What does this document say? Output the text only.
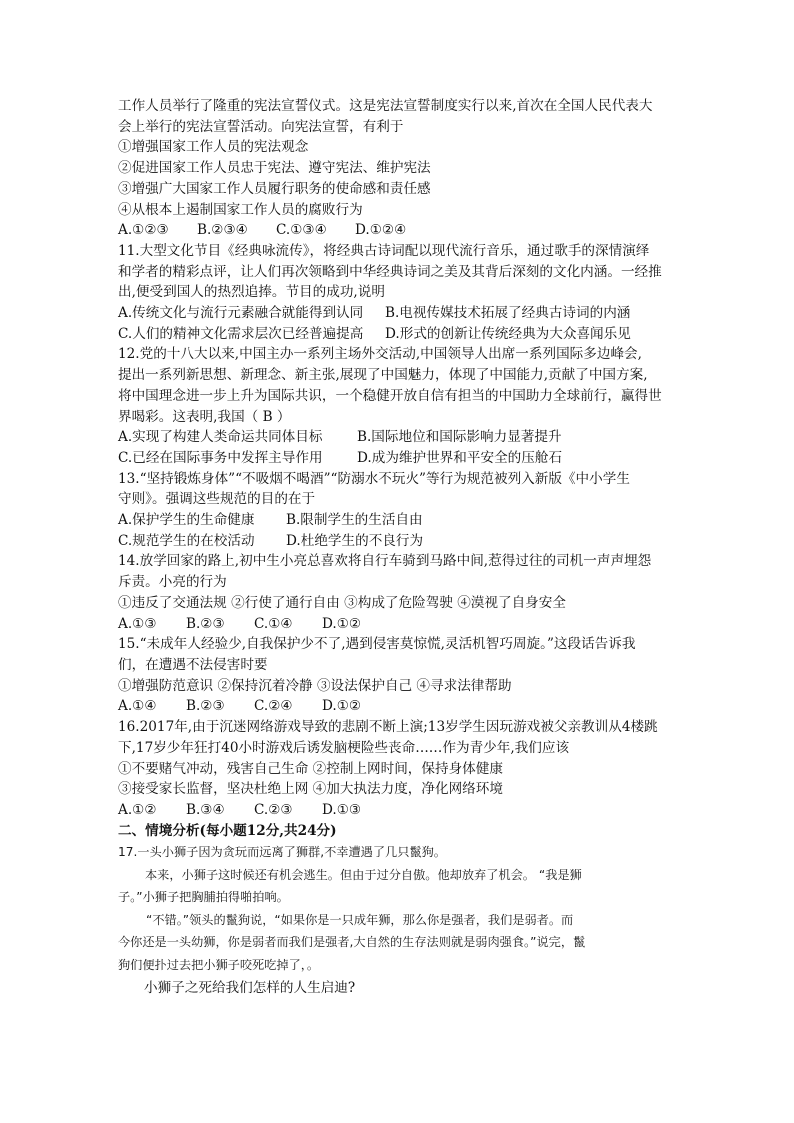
工作人员举行了隆重的宪法宣誓仪式。这是宪法宣誓制度实行以来,首次在全国人民代表大

会上举行的宪法宣誓活动。向宪法宣誓，有利于

①增强国家工作人员的宪法观念

②促进国家工作人员忠于宪法、遵守宪法、维护宪法

③增强广大国家工作人员履行职务的使命感和责任感

④从根本上遏制国家工作人员的腐败行为

A.①②③	B.②③④	C.①③④	D.①②④

11.大型文化节目《经典咏流传》，将经典古诗词配以现代流行音乐，通过歌手的深情演绎

和学者的精彩点评，让人们再次领略到中华经典诗词之美及其背后深刻的文化内涵。一经推

出,便受到国人的热烈追捧。节目的成功,说明

A.传统文化与流行元素融合就能得到认同	B.电视传媒技术拓展了经典古诗词的内涵
C.人们的精神文化需求层次已经普遍提高	D.形式的创新让传统经典为大众喜闻乐见

12.党的十八大以来,中国主办一系列主场外交活动,中国领导人出席一系列国际多边峰会,

提出一系列新思想、新理念、新主张,展现了中国魅力，体现了中国能力,贡献了中国方案,

将中国理念进一步上升为国际共识，一个稳健开放自信有担当的中国助力全球前行，赢得世

界喝彩。这表明,我国（ B ）

A.实现了构建人类命运共同体目标	B.国际地位和国际影响力显著提升
C.已经在国际事务中发挥主导作用	D.成为维护世界和平安全的压舱石

13.“坚持锻炼身体”“不吸烟不喝酒”“防溺水不玩火”等行为规范被列入新版《中小学生

守则》。强调这些规范的目的在于

A.保护学生的生命健康	B.限制学生的生活自由
C.规范学生的在校活动	D.杜绝学生的不良行为

14.放学回家的路上,初中生小亮总喜欢将自行车骑到马路中间,惹得过往的司机一声声埋怨

斥责。小亮的行为

①违反了交通法规 ②行使了通行自由 ③构成了危险驾驶 ④漠视了自身安全

A.①③	B.②③	C.①④	D.①②

15.“未成年人经验少,自我保护少不了,遇到侵害莫惊慌,灵活机智巧周旋。”这段话告诉我

们，在遭遇不法侵害时要

①增强防范意识 ②保持沉着冷静 ③设法保护自己 ④寻求法律帮助

A.①④	B.②③	C.②④	D.①②

16.2017年,由于沉迷网络游戏导致的悲剧不断上演;13岁学生因玩游戏被父亲教训从4楼跳

下,17岁少年狂打40小时游戏后诱发脑梗险些丧命……作为青少年,我们应该

①不要赌气冲动，残害自己生命 ②控制上网时间，保持身体健康

③接受家长监督，坚决杜绝上网 ④加大执法力度，净化网络环境

A.①②	B.③④	C.②③	D.①③

二、情境分析(每小题12分,共24分)

17.一头小狮子因为贪玩而远离了狮群,不幸遭遇了几只鬣狗。

本来，小狮子这时候还有机会逃生。但由于过分自傲。他却放弃了机会。 “我是狮

子。”小狮子把胸脯拍得啪拍响。

“不错。”领头的鬣狗说，“如果你是一只成年狮，那么你是强者，我们是弱者。而

今你还是一头幼狮，你是弱者而我们是强者,大自然的生存法则就是弱肉强食。”说完，鬣

狗们便扑过去把小狮子咬死吃掉了，。

小狮子之死给我们怎样的人生启迪?
